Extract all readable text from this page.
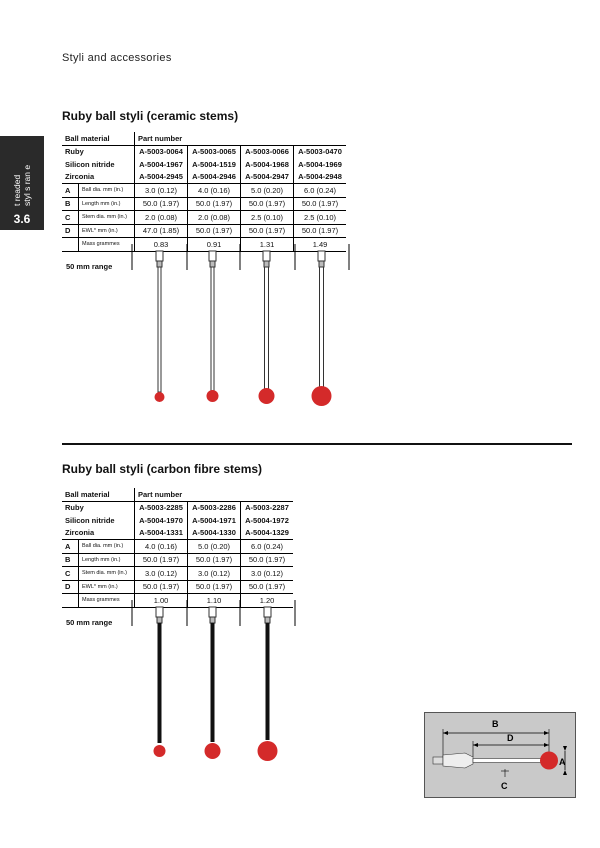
Styli and accessories
t readed
styl s ran e
3.6
Ruby ball styli (ceramic stems)
Ball material		Part number			
Ruby		A-5003-0064	A-5003-0065	A-5003-0066	A-5003-0470
Silicon nitride		A-5004-1967	A-5004-1519	A-5004-1968	A-5004-1969
Zirconia		A-5004-2945	A-5004-2946	A-5004-2947	A-5004-2948
A	Ball dia. mm (in.)	3.0 (0.12)	4.0 (0.16)	5.0 (0.20)	6.0 (0.24)
B	Length mm (in.)	50.0 (1.97)	50.0 (1.97)	50.0 (1.97)	50.0 (1.97)
C	Stem dia. mm (in.)	2.0 (0.08)	2.0 (0.08)	2.5 (0.10)	2.5 (0.10)
D	EWL* mm (in.)	47.0 (1.85)	50.0 (1.97)	50.0 (1.97)	50.0 (1.97)
	Mass grammes	0.83	0.91	1.31	1.49
50 mm range
Ruby ball styli (carbon fibre stems)
Ball material		Part number		
Ruby		A-5003-2285	A-5003-2286	A-5003-2287
Silicon nitride		A-5004-1970	A-5004-1971	A-5004-1972
Zirconia		A-5004-1331	A-5004-1330	A-5004-1329
A	Ball dia. mm (in.)	4.0 (0.16)	5.0 (0.20)	6.0 (0.24)
B	Length mm (in.)	50.0 (1.97)	50.0 (1.97)	50.0 (1.97)
C	Stem dia. mm (in.)	3.0 (0.12)	3.0 (0.12)	3.0 (0.12)
D	EWL* mm (in.)	50.0 (1.97)	50.0 (1.97)	50.0 (1.97)
	Mass grammes	1.00	1.10	1.20
50 mm range
B
D
A
C
